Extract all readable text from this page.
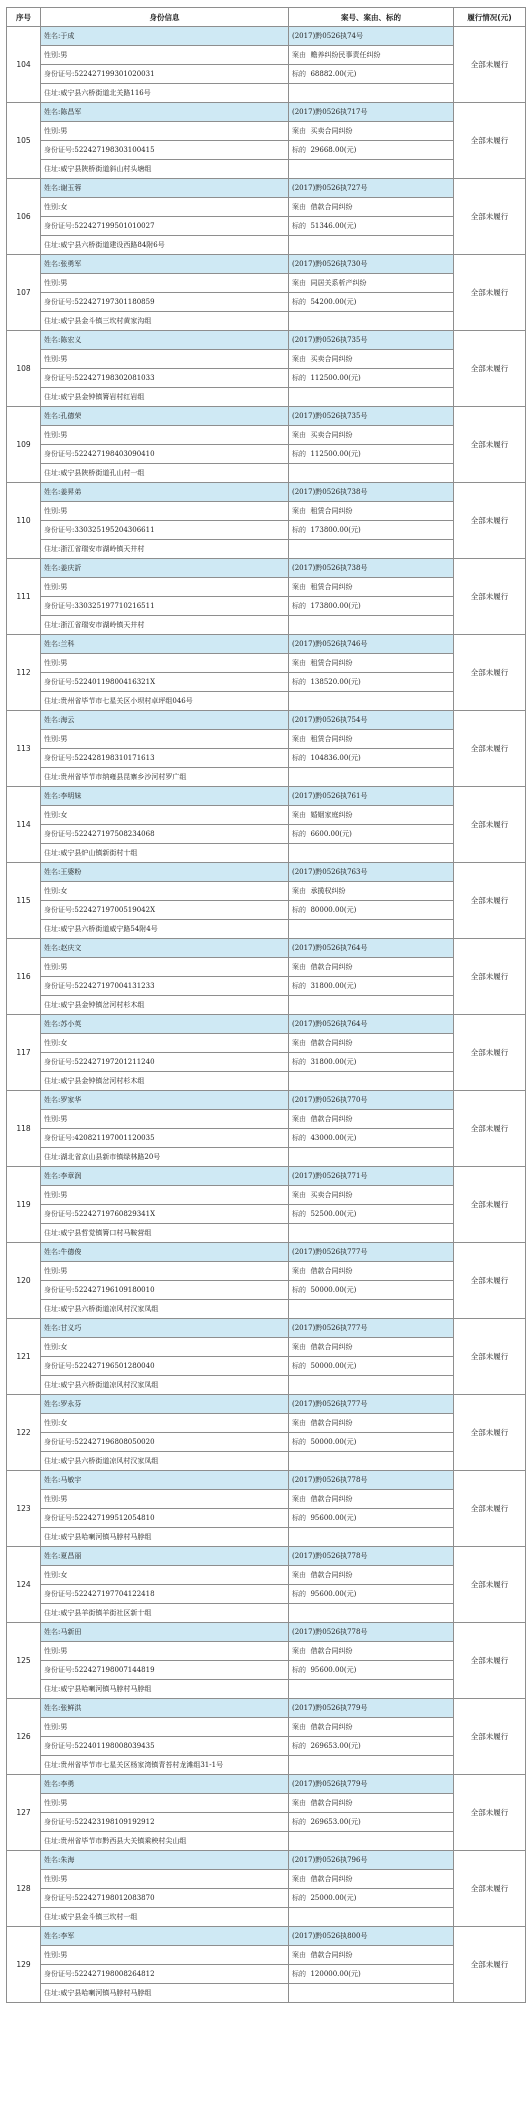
序号	身份信息	案号、案由、标的	履行情况(元)
104	姓名:于成	(2017)黔0526执74号	全部未履行
	性别:男	案由 赡养纠纷民事责任纠纷	
	身份证号:522427199301020031	标的 68882.00(元)	
	住址:威宁县六桥街道北关路116号		
105	姓名:陈昌军	(2017)黔0526执717号	全部未履行
	性别:男	案由 买卖合同纠纷	
	身份证号:522427198303100415	标的 29668.00(元)	
	住址:威宁县陕桥街道斜山村头塘组		
106	姓名:谢玉蓉	(2017)黔0526执727号	全部未履行
	性别:女	案由 借款合同纠纷	
	身份证号:522427199501010027	标的 51346.00(元)	
	住址:威宁县六桥街道建设西路84附6号		
107	姓名:张勇军	(2017)黔0526执730号	全部未履行
	性别:男	案由 同居关系析产纠纷	
	身份证号:522427197301180859	标的 54200.00(元)	
	住址:威宁县金斗镇三坎村黄家沟组		
108	姓名:陈宏义	(2017)黔0526执735号	全部未履行
	性别:男	案由 买卖合同纠纷	
	身份证号:522427198302081033	标的 112500.00(元)	
	住址:威宁县金钟镇箐岩村红岩组		
109	姓名:孔德荣	(2017)黔0526执735号	全部未履行
	性别:男	案由 买卖合同纠纷	
	身份证号:522427198403090410	标的 112500.00(元)	
	住址:威宁县陕桥街道孔山村一组		
110	姓名:姜昇弟	(2017)黔0526执738号	全部未履行
	性别:男	案由 租赁合同纠纷	
	身份证号:330325195204306611	标的 173800.00(元)	
	住址:浙江省瑞安市湖岭镇天井村		
111	姓名:姜庆訢	(2017)黔0526执738号	全部未履行
	性别:男	案由 租赁合同纠纷	
	身份证号:330325197710216511	标的 173800.00(元)	
	住址:浙江省瑞安市湖岭镇天井村		
112	姓名:兰科	(2017)黔0526执746号	全部未履行
	性别:男	案由 租赁合同纠纷	
	身份证号:52240119800416321X	标的 138520.00(元)	
	住址:贵州省毕节市七星关区小坝村卓坪组046号		
113	姓名:海云	(2017)黔0526执754号	全部未履行
	性别:男	案由 租赁合同纠纷	
	身份证号:522428198310171613	标的 104836.00(元)	
	住址:贵州省毕节市纳雍县昆寨乡沙河村罗广组		
114	姓名:李明妹	(2017)黔0526执761号	全部未履行
	性别:女	案由 婚姻家庭纠纷	
	身份证号:522427197508234068	标的 6600.00(元)	
	住址:威宁县炉山镇新街村十组		
115	姓名:王婆粉	(2017)黔0526执763号	全部未履行
	性别:女	案由 承揽权纠纷	
	身份证号:52242719700519042X	标的 80000.00(元)	
	住址:威宁县六桥街道威宁路54附4号		
116	姓名:赵庆文	(2017)黔0526执764号	全部未履行
	性别:男	案由 借款合同纠纷	
	身份证号:522427197004131233	标的 31800.00(元)	
	住址:威宁县金钟镇岔河村杉木组		
117	姓名:苏小英	(2017)黔0526执764号	全部未履行
	性别:女	案由 借款合同纠纷	
	身份证号:522427197201211240	标的 31800.00(元)	
	住址:威宁县金钟镇岔河村杉木组		
118	姓名:罗家华	(2017)黔0526执770号	全部未履行
	性别:男	案由 借款合同纠纷	
	身份证号:420821197001120035	标的 43000.00(元)	
	住址:湖北省京山县新市镇绿林路20号		
119	姓名:李章润	(2017)黔0526执771号	全部未履行
	性别:男	案由 买卖合同纠纷	
	身份证号:52242719760829341X	标的 52500.00(元)	
	住址:威宁县哲觉镇箐口村马鞍营组		
120	姓名:牛德俊	(2017)黔0526执777号	全部未履行
	性别:男	案由 借款合同纠纷	
	身份证号:522427196109180010	标的 50000.00(元)	
	住址:威宁县六桥街道凉风村汉家凤组		
121	姓名:甘义巧	(2017)黔0526执777号	全部未履行
	性别:女	案由 借款合同纠纷	
	身份证号:522427196501280040	标的 50000.00(元)	
	住址:威宁县六桥街道凉风村汉家凤组		
122	姓名:罗永芬	(2017)黔0526执777号	全部未履行
	性别:女	案由 借款合同纠纷	
	身份证号:522427196808050020	标的 50000.00(元)	
	住址:威宁县六桥街道凉风村汉家凤组		
123	姓名:马敏宇	(2017)黔0526执778号	全部未履行
	性别:男	案由 借款合同纠纷	
	身份证号:522427199512054810	标的 95600.00(元)	
	住址:威宁县哈喇河镇马脖村马脖组		
124	姓名:夏昌丽	(2017)黔0526执778号	全部未履行
	性别:女	案由 借款合同纠纷	
	身份证号:522427197704122418	标的 95600.00(元)	
	住址:威宁县羊街镇羊街社区新十组		
125	姓名:马新田	(2017)黔0526执778号	全部未履行
	性别:男	案由 借款合同纠纷	
	身份证号:522427198007144819	标的 95600.00(元)	
	住址:威宁县哈喇河镇马脖村马脖组		
126	姓名:张鲜洪	(2017)黔0526执779号	全部未履行
	性别:男	案由 借款合同纠纷	
	身份证号:522401198008039435	标的 269653.00(元)	
	住址:贵州省毕节市七星关区杨家湾镇青苔村龙滩组31-1号		
127	姓名:李勇	(2017)黔0526执779号	全部未履行
	性别:男	案由 借款合同纠纷	
	身份证号:522423198109192912	标的 269653.00(元)	
	住址:贵州省毕节市黔西县大关镇乘秧村尖山组		
128	姓名:朱海	(2017)黔0526执796号	全部未履行
	性别:男	案由 借款合同纠纷	
	身份证号:522427198012083870	标的 25000.00(元)	
	住址:威宁县金斗镇三坎村一组		
129	姓名:李军	(2017)黔0526执800号	全部未履行
	性别:男	案由 借款合同纠纷	
	身份证号:522427198008264812	标的 120000.00(元)	
	住址:威宁县哈喇河镇马脖村马脖组		
